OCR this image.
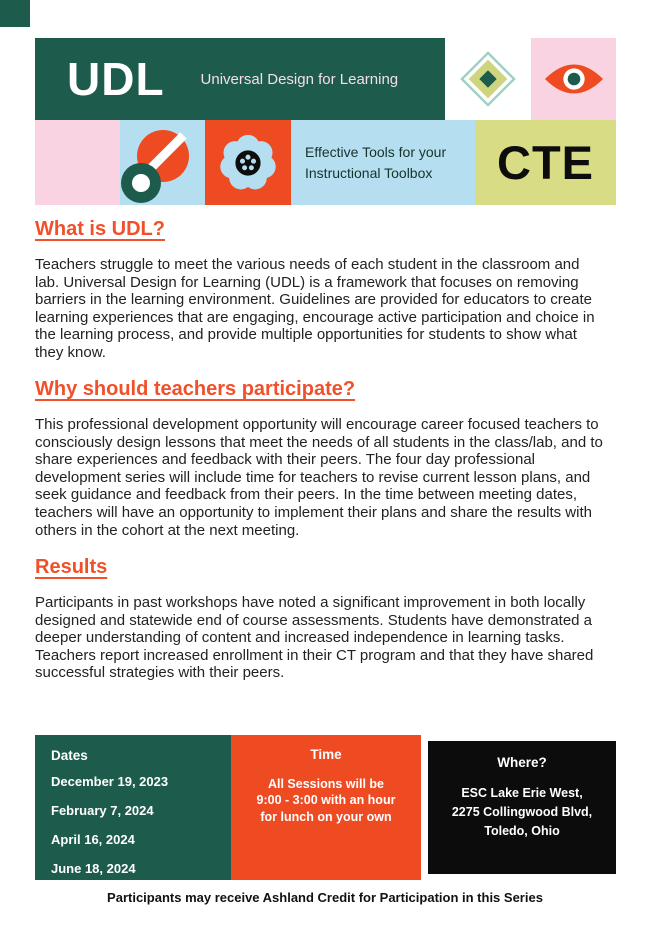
UDL Universal Design for Learning
Effective Tools for your
Instructional Toolbox	CTE
What is UDL?

Teachers struggle to meet the various needs of each student in the classroom and lab. Universal Design for Learning (UDL) is a framework that focuses on removing barriers in the learning environment. Guidelines are provided for educators to create learning experiences that are engaging, encourage active participation and choice in the learning process, and provide multiple opportunities for students to show what they know.

Why should teachers participate?

This professional development opportunity will encourage career focused teachers to consciously design lessons that meet the needs of all students in the class/lab, and to share experiences and feedback with their peers. The four day professional development series will include time for teachers to revise current lesson plans, and seek guidance and feedback from their peers. In the time between meeting dates, teachers will have an opportunity to implement their plans and share the results with others in the cohort at the next meeting.

Results

Participants in past workshops have noted a significant improvement in both locally designed and statewide end of course assessments. Students have demonstrated a deeper understanding of content and increased independence in learning tasks. Teachers report increased enrollment in their CT program and that they have shared successful strategies with their peers.

Dates
December 19, 2023
February 7, 2024
April 16, 2024
June 18, 2024
Time
All Sessions will be
9:00 - 3:00 with an hour
for lunch on your own
Where?
ESC Lake Erie West,
2275 Collingwood Blvd,
Toledo, Ohio
Participants may receive Ashland Credit for Participation in this Series
